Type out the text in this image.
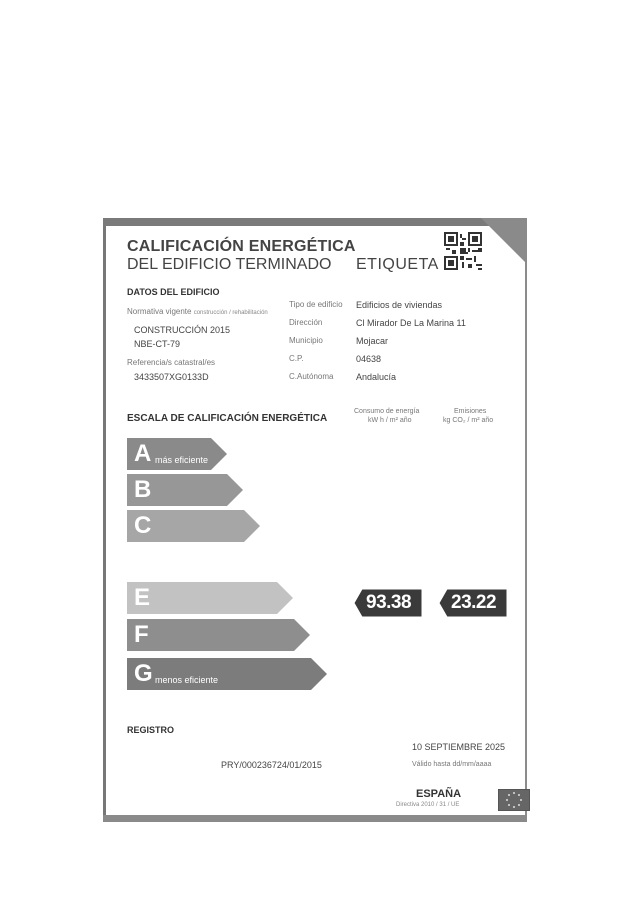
CALIFICACIÓN ENERGÉTICA
DEL EDIFICIO TERMINADO ETIQUETA
DATOS DEL EDIFICIO
Normativa vigente construcción / rehabilitación
CONSTRUCCIÓN 2015
NBE-CT-79
Referencia/s catastral/es
3433507XG0133D
Tipo de edificio Edificios de viviendas
Dirección	Cl Mirador De La Marina 11
Municipio	Mojacar
C.P.	04638
C.Autónoma	Andalucía
ESCALA DE CALIFICACIÓN ENERGÉTICA
Consumo de energía
kW h / m² año
Emisiones
kg CO₂ / m² año
A más eficiente
B
C
D
E
F
G menos eficiente
93.38 23.22
REGISTRO
10 SEPTIEMBRE 2025
PRY/000236724/01/2015	Válido hasta dd/mm/aaaa
ESPAÑA
Directiva 2010 / 31 / UE
